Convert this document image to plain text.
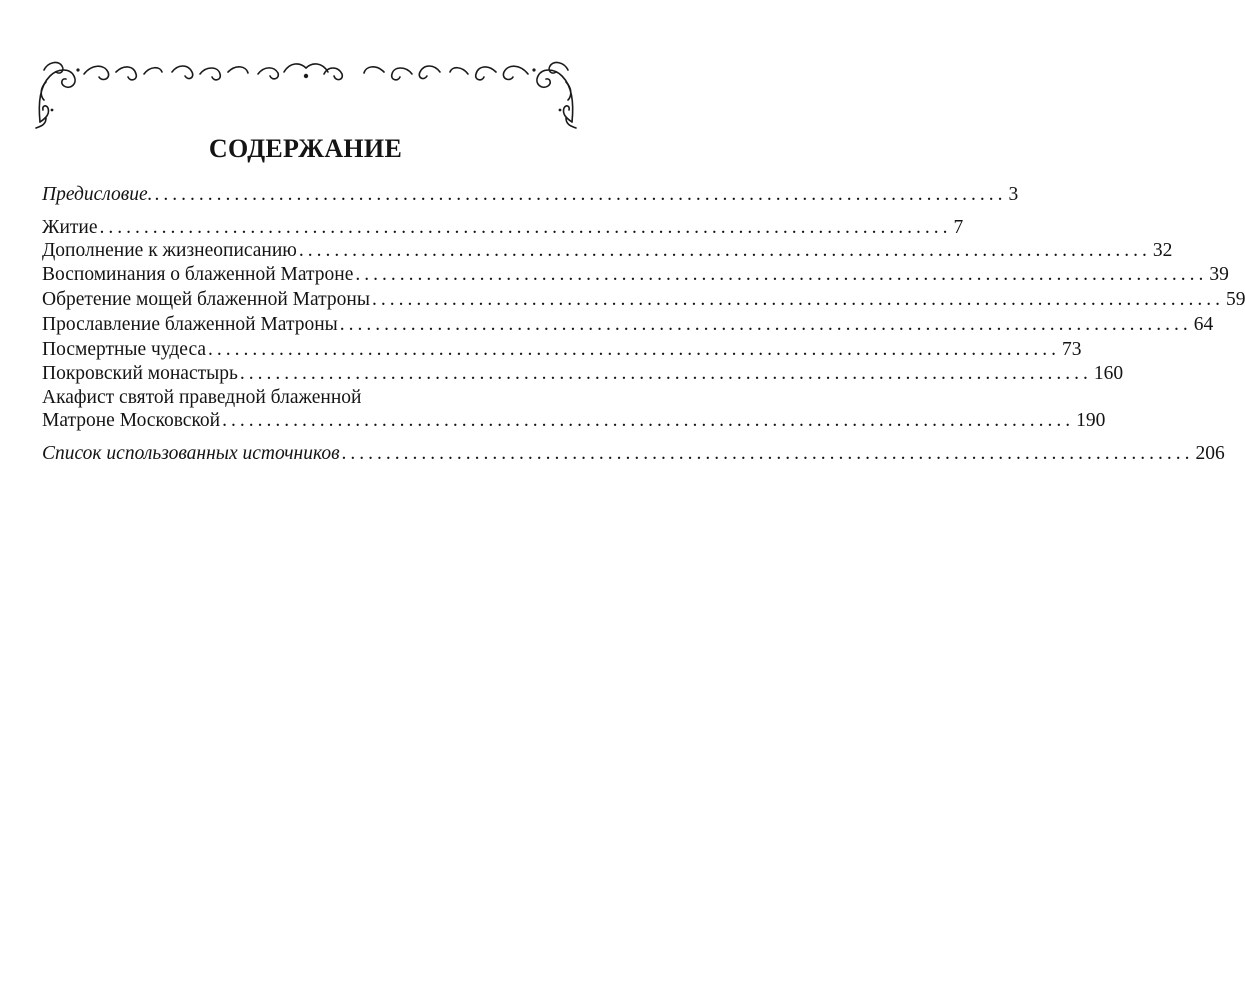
СОДЕРЖАНИЕ
Предисловие. ................................................................................................ 3
Житие ................................................................................................ 7
Дополнение к жизнеописанию ................................................................................................ 32
Воспоминания о блаженной Матроне ................................................................................................ 39
Обретение мощей блаженной Матроны ................................................................................................ 59
Прославление блаженной Матроны ................................................................................................ 64
Посмертные чудеса ................................................................................................ 73
Покровский монастырь ................................................................................................ 160
Акафист святой праведной блаженной
Матроне Московской ................................................................................................ 190
Список использованных источников ................................................................................................ 206
